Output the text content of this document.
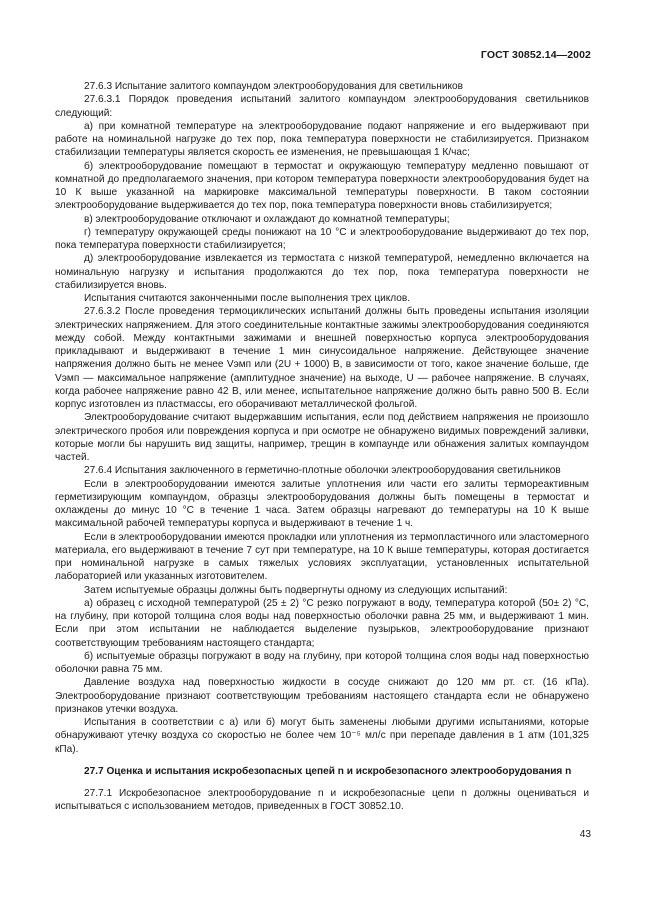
ГОСТ 30852.14—2002

27.6.3 Испытание залитого компаундом электрооборудования для светильников

27.6.3.1 Порядок проведения испытаний залитого компаундом электрооборудования светильников следующий:

а) при комнатной температуре на электрооборудование подают напряжение и его выдерживают при работе на номинальной нагрузке до тех пор, пока температура поверхности не стабилизируется. Признаком стабилизации температуры является скорость ее изменения, не превышающая 1 К/час;

б) электрооборудование помещают в термостат и окружающую температуру медленно повышают от комнатной до предполагаемого значения, при котором температура поверхности электрооборудования будет на 10 К выше указанной на маркировке максимальной температуры поверхности. В таком состоянии электрооборудование выдерживается до тех пор, пока температура поверхности вновь стабилизируется;

в) электрооборудование отключают и охлаждают до комнатной температуры;

г) температуру окружающей среды понижают на 10 °С и электрооборудование выдерживают до тех пор, пока температура поверхности стабилизируется;

д) электрооборудование извлекается из термостата с низкой температурой, немедленно включается на номинальную нагрузку и испытания продолжаются до тех пор, пока температура поверхности не стабилизируется вновь.

Испытания считаются законченными после выполнения трех циклов.

27.6.3.2 После проведения термоциклических испытаний должны быть проведены испытания изоляции электрических напряжением. Для этого соединительные контактные зажимы электрооборудования соединяются между собой. Между контактными зажимами и внешней поверхностью корпуса электрооборудования прикладывают и выдерживают в течение 1 мин синусоидальное напряжение. Действующее значение напряжения должно быть не менее Vэмп или (2U + 1000) В, в зависимости от того, какое значение больше, где Vэмп — максимальное напряжение (амплитудное значение) на выходе, U — рабочее напряжение. В случаях, когда рабочее напряжение равно 42 В, или менее, испытательное напряжение должно быть равно 500 В. Если корпус изготовлен из пластмассы, его оборачивают металлической фольгой.

Электрооборудование считают выдержавшим испытания, если под действием напряжения не произошло электрического пробоя или повреждения корпуса и при осмотре не обнаружено видимых повреждений заливки, которые могли бы нарушить вид защиты, например, трещин в компаунде или обнажения залитых компаундом частей.

27.6.4 Испытания заключенного в герметично-плотные оболочки электрооборудования светильников

Если в электрооборудовании имеются залитые уплотнения или части его залиты термореактивным герметизирующим компаундом, образцы электрооборудования должны быть помещены в термостат и охлаждены до минус 10 °С в течение 1 часа. Затем образцы нагревают до температуры на 10 К выше максимальной рабочей температуры корпуса и выдерживают в течение 1 ч.

Если в электрооборудовании имеются прокладки или уплотнения из термопластичного или эластомерного материала, его выдерживают в течение 7 сут при температуре, на 10 К выше температуры, которая достигается при номинальной нагрузке в самых тяжелых условиях эксплуатации, установленных испытательной лабораторией или указанных изготовителем.

Затем испытуемые образцы должны быть подвергнуты одному из следующих испытаний:

а) образец с исходной температурой (25 ± 2) °С резко погружают в воду, температура которой (50± 2) °С, на глубину, при которой толщина слоя воды над поверхностью оболочки равна 25 мм, и выдерживают 1 мин. Если при этом испытании не наблюдается выделение пузырьков, электрооборудование признают соответствующим требованиям настоящего стандарта;

б) испытуемые образцы погружают в воду на глубину, при которой толщина слоя воды над поверхностью оболочки равна 75 мм.

Давление воздуха над поверхностью жидкости в сосуде снижают до 120 мм рт. ст. (16 кПа). Электрооборудование признают соответствующим требованиям настоящего стандарта если не обнаружено признаков утечки воздуха.

Испытания в соответствии с а) или б) могут быть заменены любыми другими испытаниями, которые обнаруживают утечку воздуха со скоростью не более чем 10⁻⁵ мл/с при перепаде давления в 1 атм (101,325 кПа).

27.7 Оценка и испытания искробезопасных цепей n и искробезопасного электрооборудования n

27.7.1 Искробезопасное электрооборудование n и искробезопасные цепи n должны оцениваться и испытываться с использованием методов, приведенных в ГОСТ 30852.10.

43
